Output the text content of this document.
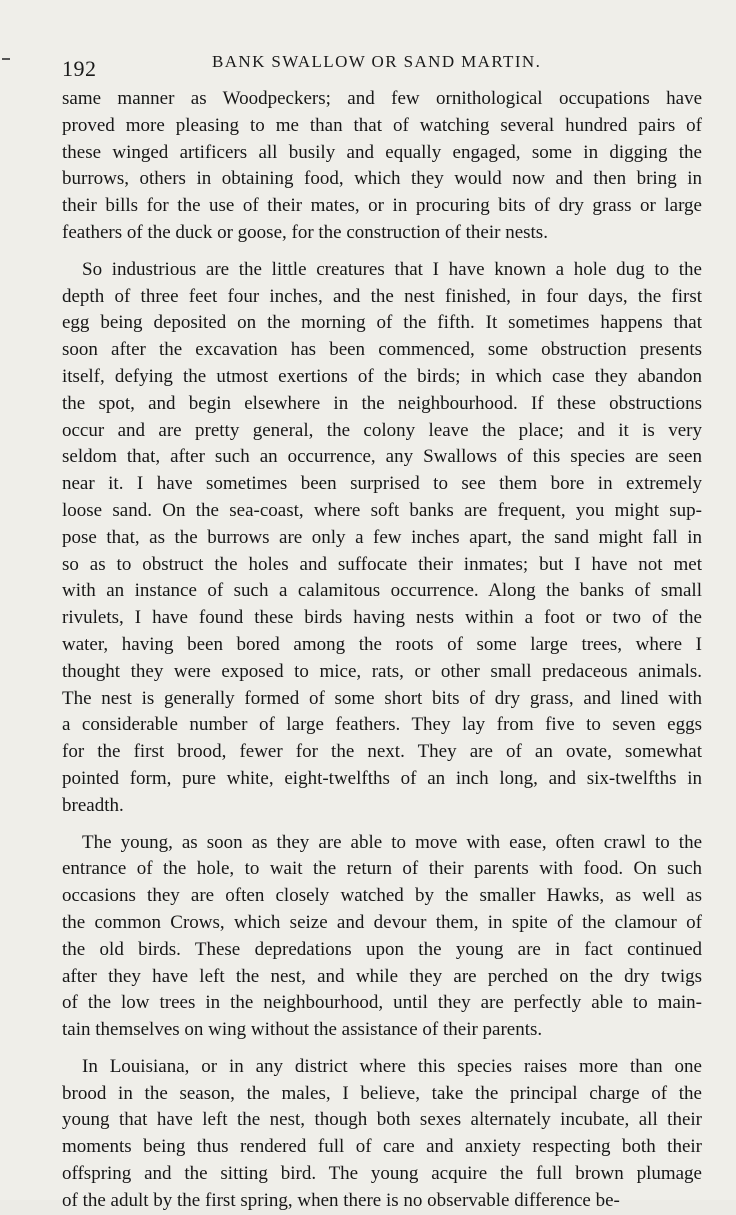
192	BANK SWALLOW OR SAND MARTIN.
same manner as Woodpeckers; and few ornithological occupations have
proved more pleasing to me than that of watching several hundred pairs of
these winged artificers all busily and equally engaged, some in digging the
burrows, others in obtaining food, which they would now and then bring in
their bills for the use of their mates, or in procuring bits of dry grass or large
feathers of the duck or goose, for the construction of their nests.
So industrious are the little creatures that I have known a hole dug to the
depth of three feet four inches, and the nest finished, in four days, the first
egg being deposited on the morning of the fifth. It sometimes happens that
soon after the excavation has been commenced, some obstruction presents
itself, defying the utmost exertions of the birds; in which case they abandon
the spot, and begin elsewhere in the neighbourhood. If these obstructions
occur and are pretty general, the colony leave the place; and it is very
seldom that, after such an occurrence, any Swallows of this species are seen
near it. I have sometimes been surprised to see them bore in extremely
loose sand. On the sea-coast, where soft banks are frequent, you might sup-
pose that, as the burrows are only a few inches apart, the sand might fall in
so as to obstruct the holes and suffocate their inmates; but I have not met
with an instance of such a calamitous occurrence. Along the banks of small
rivulets, I have found these birds having nests within a foot or two of the
water, having been bored among the roots of some large trees, where I
thought they were exposed to mice, rats, or other small predaceous animals.
The nest is generally formed of some short bits of dry grass, and lined with
a considerable number of large feathers. They lay from five to seven eggs
for the first brood, fewer for the next. They are of an ovate, somewhat
pointed form, pure white, eight-twelfths of an inch long, and six-twelfths in
breadth.
The young, as soon as they are able to move with ease, often crawl to the
entrance of the hole, to wait the return of their parents with food. On such
occasions they are often closely watched by the smaller Hawks, as well as
the common Crows, which seize and devour them, in spite of the clamour of
the old birds. These depredations upon the young are in fact continued
after they have left the nest, and while they are perched on the dry twigs
of the low trees in the neighbourhood, until they are perfectly able to main-
tain themselves on wing without the assistance of their parents.
In Louisiana, or in any district where this species raises more than one
brood in the season, the males, I believe, take the principal charge of the
young that have left the nest, though both sexes alternately incubate, all their
moments being thus rendered full of care and anxiety respecting both their
offspring and the sitting bird. The young acquire the full brown plumage
of the adult by the first spring, when there is no observable difference be-
